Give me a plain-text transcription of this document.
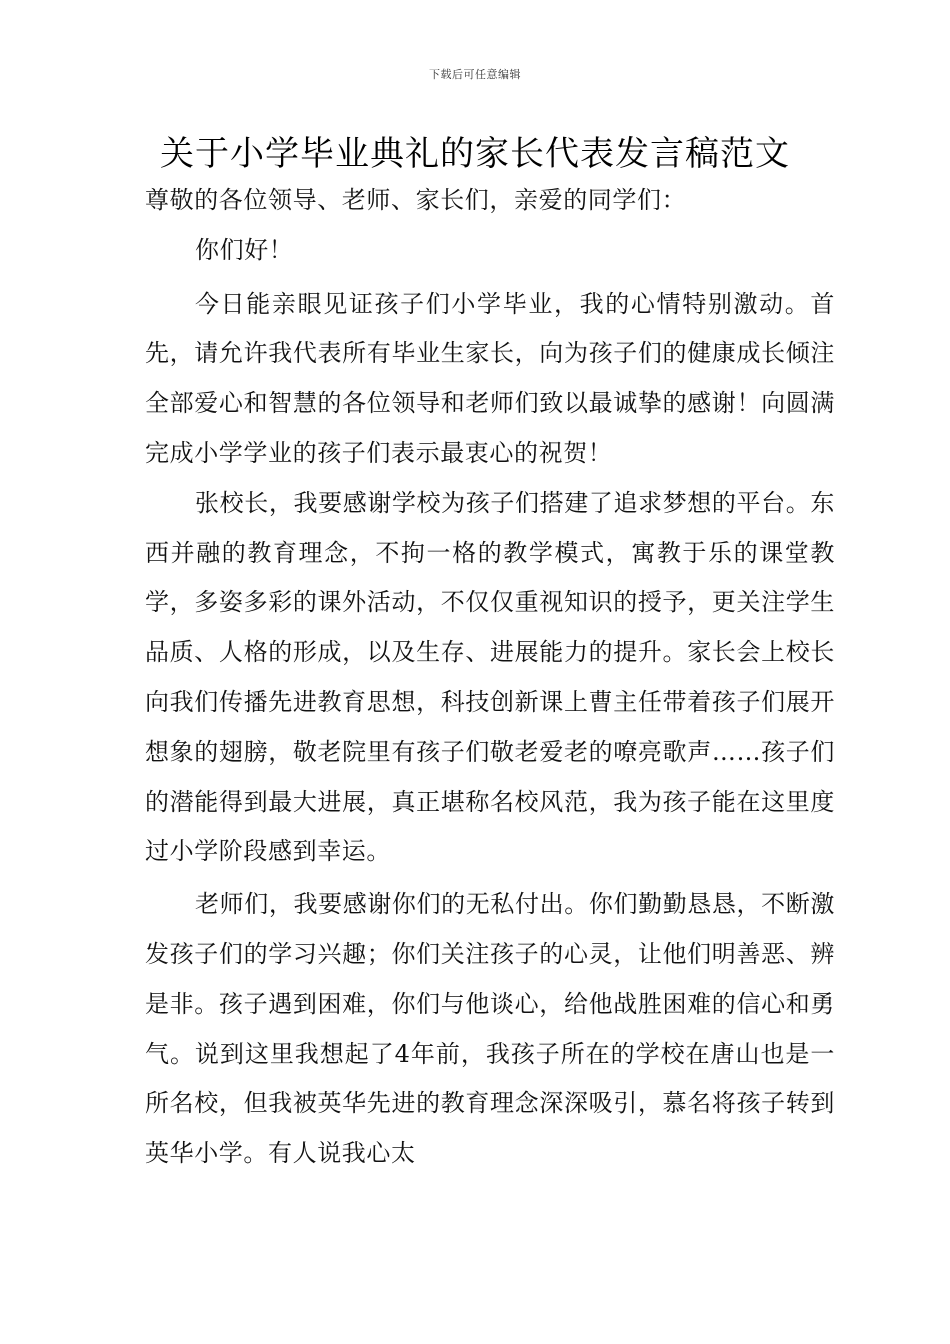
下载后可任意编辑
关于小学毕业典礼的家长代表发言稿范文

尊敬的各位领导、老师、家长们，亲爱的同学们：

你们好！

今日能亲眼见证孩子们小学毕业，我的心情特别激动。首先，请允许我代表所有毕业生家长，向为孩子们的健康成长倾注全部爱心和智慧的各位领导和老师们致以最诚挚的感谢！向圆满完成小学学业的孩子们表示最衷心的祝贺！

张校长，我要感谢学校为孩子们搭建了追求梦想的平台。东西并融的教育理念，不拘一格的教学模式，寓教于乐的课堂教学，多姿多彩的课外活动，不仅仅重视知识的授予，更关注学生品质、人格的形成，以及生存、进展能力的提升。家长会上校长向我们传播先进教育思想，科技创新课上曹主任带着孩子们展开想象的翅膀，敬老院里有孩子们敬老爱老的嘹亮歌声……孩子们的潜能得到最大进展，真正堪称名校风范，我为孩子能在这里度过小学阶段感到幸运。

老师们，我要感谢你们的无私付出。你们勤勤恳恳，不断激发孩子们的学习兴趣；你们关注孩子的心灵，让他们明善恶、辨是非。孩子遇到困难，你们与他谈心，给他战胜困难的信心和勇气。说到这里我想起了4年前，我孩子所在的学校在唐山也是一所名校，但我被英华先进的教育理念深深吸引，慕名将孩子转到英华小学。有人说我心太
